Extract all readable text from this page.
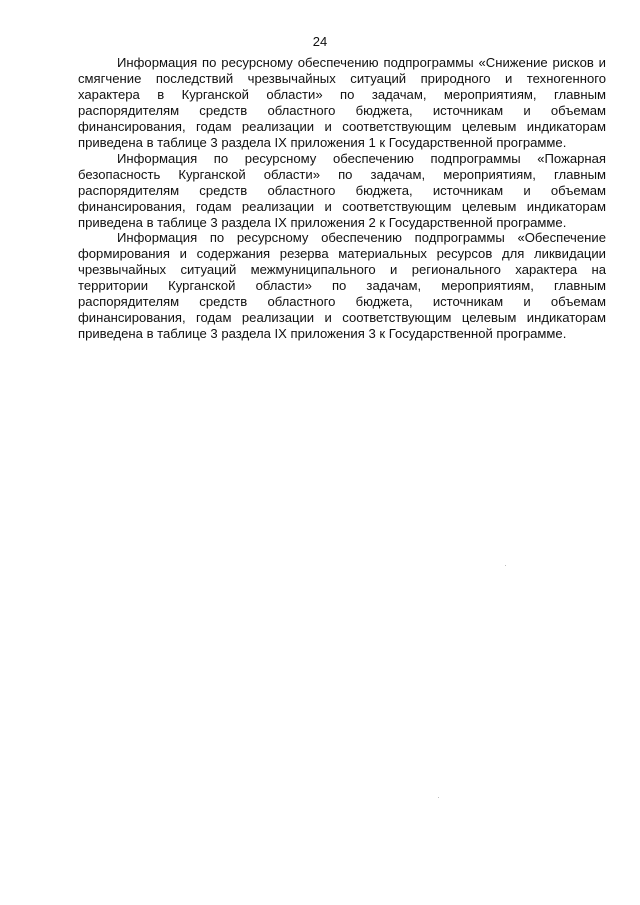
24

Информация по ресурсному обеспечению подпрограммы «Снижение рисков и смягчение последствий чрезвычайных ситуаций природного и техногенного характера в Курганской области» по задачам, мероприятиям, главным распорядителям средств областного бюджета, источникам и объемам финансирования, годам реализации и соответствующим целевым индикаторам приведена в таблице 3 раздела IX приложения 1 к Государственной программе.

Информация по ресурсному обеспечению подпрограммы «Пожарная безопасность Курганской области» по задачам, мероприятиям, главным распорядителям средств областного бюджета, источникам и объемам финансирования, годам реализации и соответствующим целевым индикаторам приведена в таблице 3 раздела IX приложения 2 к Государственной программе.

Информация по ресурсному обеспечению подпрограммы «Обеспечение формирования и содержания резерва материальных ресурсов для ликвидации чрезвычайных ситуаций межмуниципального и регионального характера на территории Курганской области» по задачам, мероприятиям, главным распорядителям средств областного бюджета, источникам и объемам финансирования, годам реализации и соответствующим целевым индикаторам приведена в таблице 3 раздела IX приложения 3 к Государственной программе.
